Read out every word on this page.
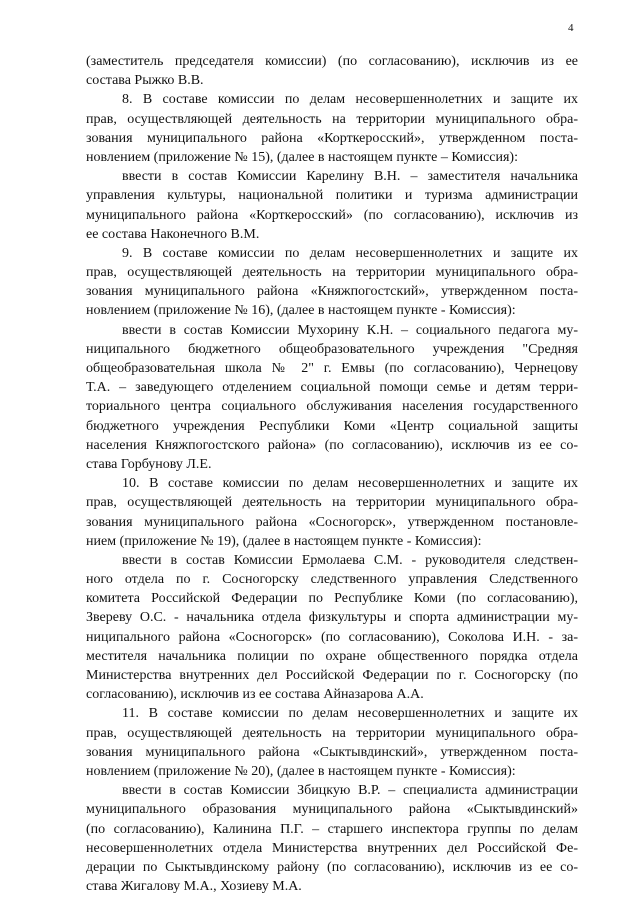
4
(заместитель председателя комиссии) (по согласованию), исключив из ее
состава Рыжко В.В.
8. В составе комиссии по делам несовершеннолетних и защите их
прав, осуществляющей деятельность на территории муниципального обра-
зования муниципального района «Корткеросский», утвержденном поста-
новлением (приложение № 15), (далее в настоящем пункте – Комиссия):
ввести в состав Комиссии Карелину В.Н. – заместителя начальника
управления культуры, национальной политики и туризма администрации
муниципального района «Корткеросский» (по согласованию), исключив из
ее состава Наконечного В.М.
9. В составе комиссии по делам несовершеннолетних и защите их
прав, осуществляющей деятельность на территории муниципального обра-
зования муниципального района «Княжпогостский», утвержденном поста-
новлением (приложение № 16), (далее в настоящем пункте - Комиссия):
ввести в состав Комиссии Мухорину К.Н. – социального педагога му-
ниципального бюджетного общеобразовательного учреждения "Средняя
общеобразовательная школа № 2" г. Емвы (по согласованию), Чернецову
Т.А. – заведующего отделением социальной помощи семье и детям терри-
ториального центра социального обслуживания населения государственного
бюджетного учреждения Республики Коми «Центр социальной защиты
населения Княжпогостского района» (по согласованию), исключив из ее со-
става Горбунову Л.Е.
10. В составе комиссии по делам несовершеннолетних и защите их
прав, осуществляющей деятельность на территории муниципального обра-
зования муниципального района «Сосногорск», утвержденном постановле-
нием (приложение № 19), (далее в настоящем пункте - Комиссия):
ввести в состав Комиссии Ермолаева С.М. - руководителя следствен-
ного отдела по г. Сосногорску следственного управления Следственного
комитета Российской Федерации по Республике Коми (по согласованию),
Звереву О.С. - начальника отдела физкультуры и спорта администрации му-
ниципального района «Сосногорск» (по согласованию), Соколова И.Н. - за-
местителя начальника полиции по охране общественного порядка отдела
Министерства внутренних дел Российской Федерации по г. Сосногорску (по
согласованию), исключив из ее состава Айназарова А.А.
11. В составе комиссии по делам несовершеннолетних и защите их
прав, осуществляющей деятельность на территории муниципального обра-
зования муниципального района «Сыктывдинский», утвержденном поста-
новлением (приложение № 20), (далее в настоящем пункте - Комиссия):
ввести в состав Комиссии Збицкую В.Р. – специалиста администрации
муниципального образования муниципального района «Сыктывдинский»
(по согласованию), Калинина П.Г. – старшего инспектора группы по делам
несовершеннолетних отдела Министерства внутренних дел Российской Фе-
дерации по Сыктывдинскому району (по согласованию), исключив из ее со-
става Жигалову М.А., Хозиеву М.А.
